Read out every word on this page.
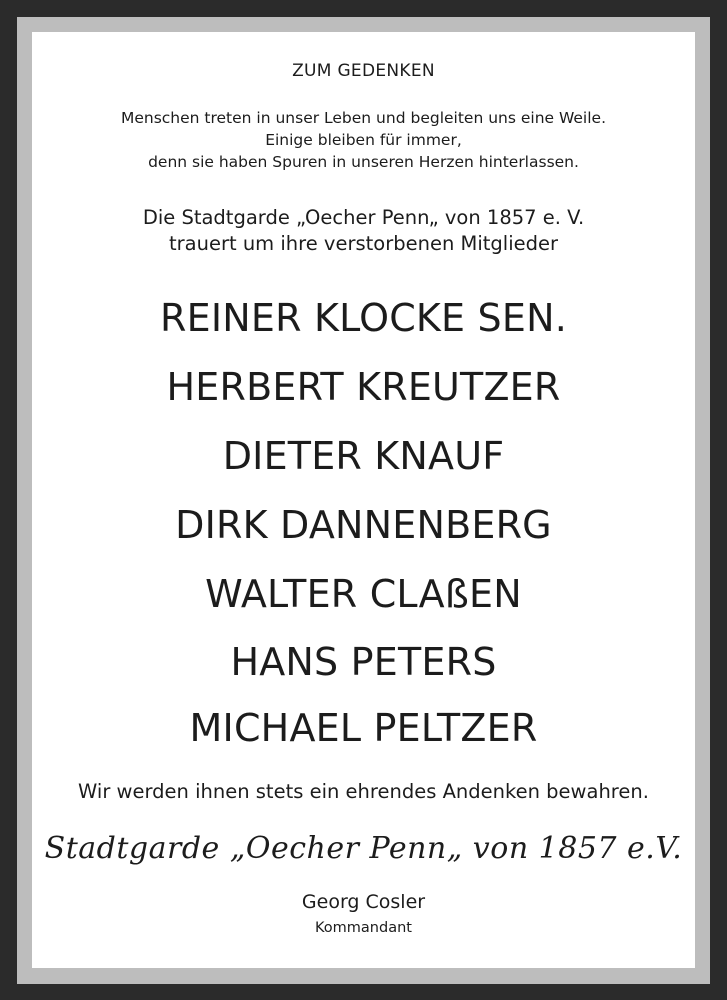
ZUM GEDENKEN
Menschen treten in unser Leben und begleiten uns eine Weile.
Einige bleiben für immer,
denn sie haben Spuren in unseren Herzen hinterlassen.
Die Stadtgarde „Oecher Penn„ von 1857 e. V.
trauert um ihre verstorbenen Mitglieder
REINER KLOCKE SEN.
HERBERT KREUTZER
DIETER KNAUF
DIRK DANNENBERG
WALTER CLAßEN
HANS PETERS
MICHAEL PELTZER
Wir werden ihnen stets ein ehrendes Andenken bewahren.
Stadtgarde „Oecher Penn„ von 1857 e.V.
Georg Cosler
Kommandant
